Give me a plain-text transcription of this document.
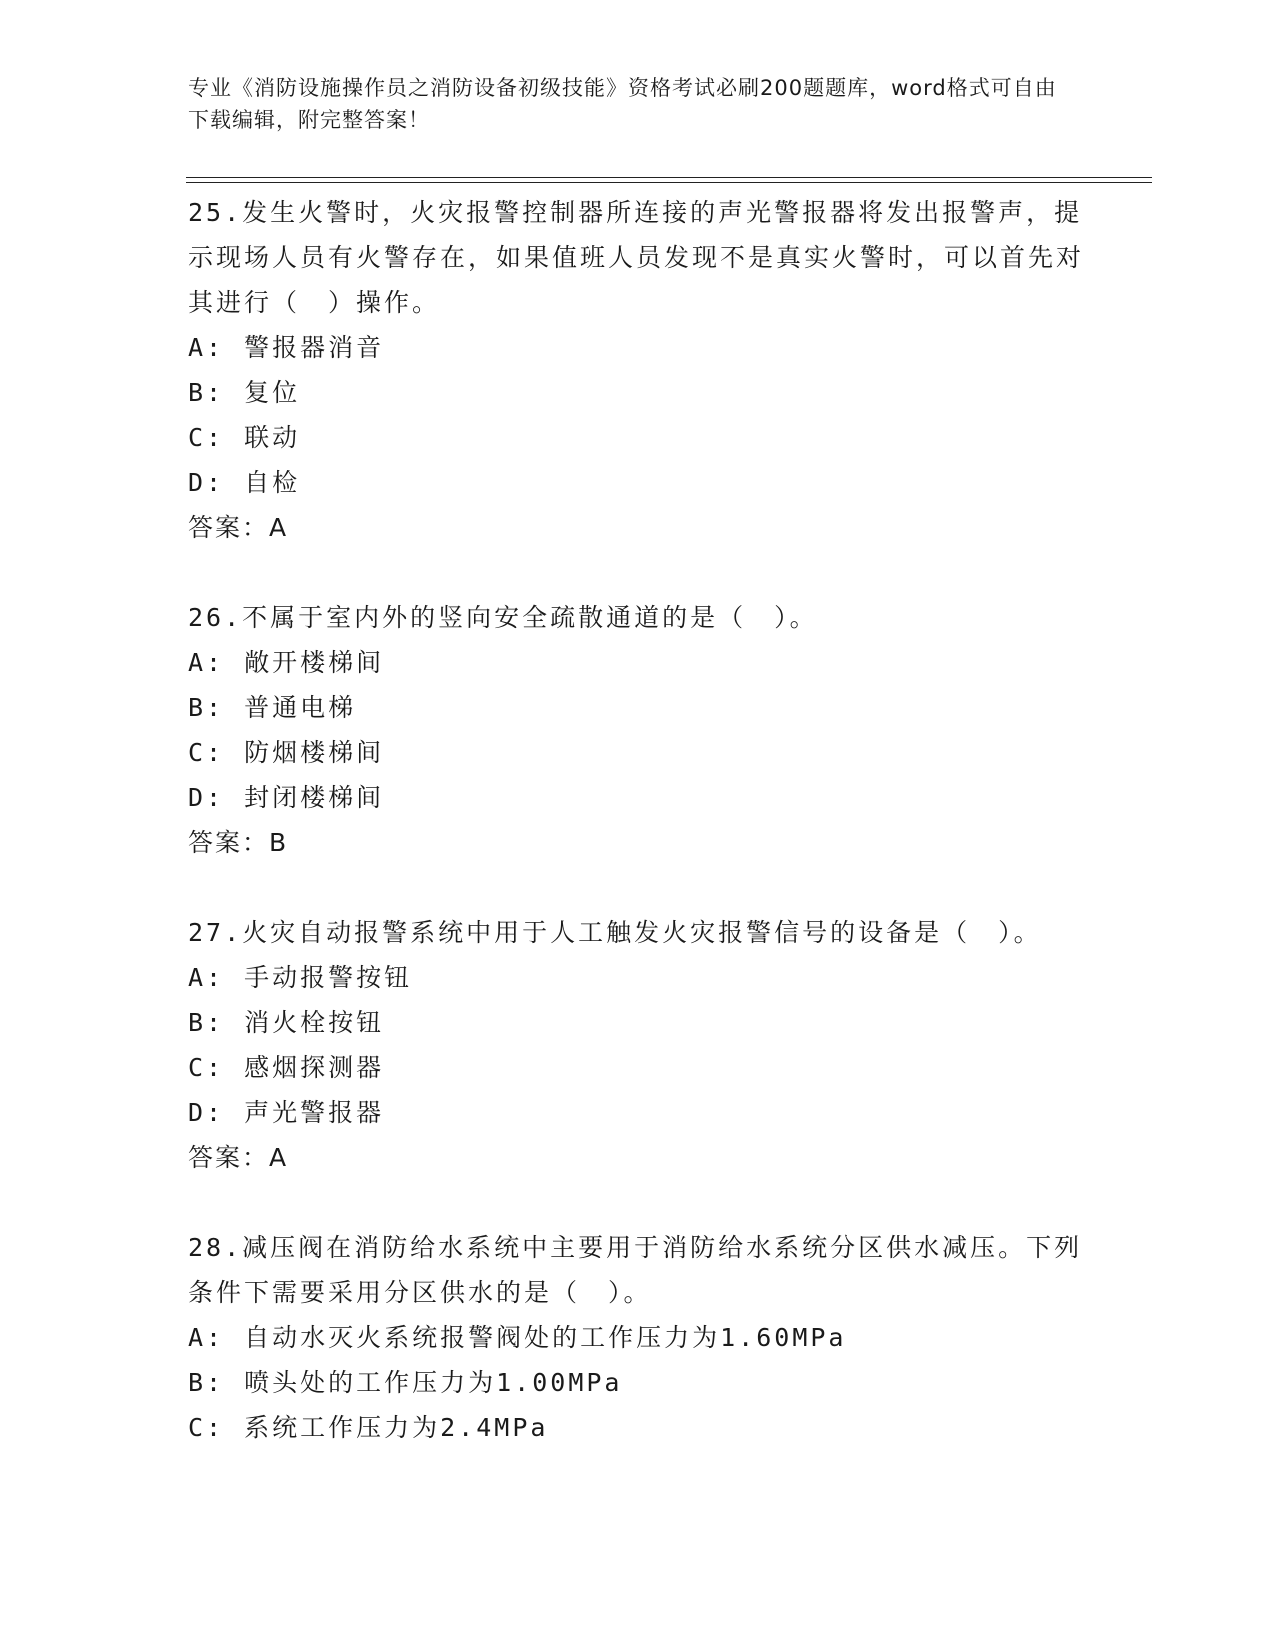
专业《消防设施操作员之消防设备初级技能》资格考试必刷200题题库，word格式可自由下载编辑，附完整答案！
25.发生火警时，火灾报警控制器所连接的声光警报器将发出报警声，提示现场人员有火警存在，如果值班人员发现不是真实火警时，可以首先对其进行（　）操作。
A: 警报器消音
B: 复位
C: 联动
D: 自检
答案：A
26.不属于室内外的竖向安全疏散通道的是（　）。
A: 敞开楼梯间
B: 普通电梯
C: 防烟楼梯间
D: 封闭楼梯间
答案：B
27.火灾自动报警系统中用于人工触发火灾报警信号的设备是（　）。
A: 手动报警按钮
B: 消火栓按钮
C: 感烟探测器
D: 声光警报器
答案：A
28.减压阀在消防给水系统中主要用于消防给水系统分区供水减压。下列条件下需要采用分区供水的是（　）。
A: 自动水灭火系统报警阀处的工作压力为1.60MPa
B: 喷头处的工作压力为1.00MPa
C: 系统工作压力为2.4MPa
